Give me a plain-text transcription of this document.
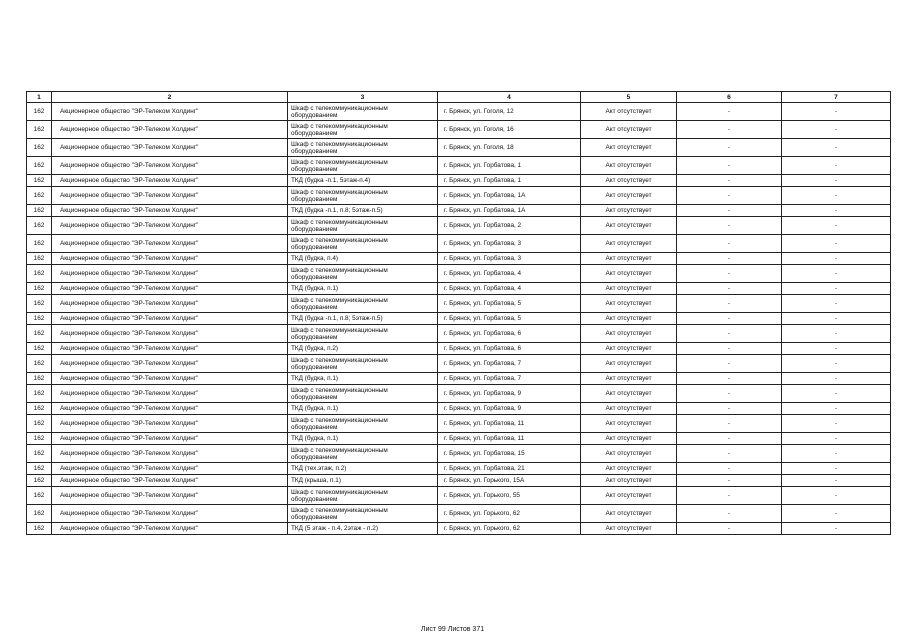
1	2	3	4	5	6	7
162	Акционерное общество "ЭР-Телеком Холдинг"	Шкаф с телекоммуникационным оборудованием	г. Брянск, ул. Гоголя, 12	Акт отсутствует	-	-
162	Акционерное общество "ЭР-Телеком Холдинг"	Шкаф с телекоммуникационным оборудованием	г. Брянск, ул. Гоголя, 16	Акт отсутствует	-	-
162	Акционерное общество "ЭР-Телеком Холдинг"	Шкаф с телекоммуникационным оборудованием	г. Брянск, ул. Гоголя, 18	Акт отсутствует	-	-
162	Акционерное общество "ЭР-Телеком Холдинг"	Шкаф с телекоммуникационным оборудованием	г. Брянск, ул. Горбатова, 1	Акт отсутствует	-	-
162	Акционерное общество "ЭР-Телеком Холдинг"	ТКД (будка -п.1, 5этаж-п.4)	г. Брянск, ул. Горбатова, 1	Акт отсутствует	-	-
162	Акционерное общество "ЭР-Телеком Холдинг"	Шкаф с телекоммуникационным оборудованием	г. Брянск, ул. Горбатова, 1А	Акт отсутствует	-	-
162	Акционерное общество "ЭР-Телеком Холдинг"	ТКД (будка -п.1, п.8; 5этаж-п.5)	г. Брянск, ул. Горбатова, 1А	Акт отсутствует	-	-
162	Акционерное общество "ЭР-Телеком Холдинг"	Шкаф с телекоммуникационным оборудованием	г. Брянск, ул. Горбатова, 2	Акт отсутствует	-	-
162	Акционерное общество "ЭР-Телеком Холдинг"	Шкаф с телекоммуникационным оборудованием	г. Брянск, ул. Горбатова, 3	Акт отсутствует	-	-
162	Акционерное общество "ЭР-Телеком Холдинг"	ТКД (будка, п.4)	г. Брянск, ул. Горбатова, 3	Акт отсутствует	-	-
162	Акционерное общество "ЭР-Телеком Холдинг"	Шкаф с телекоммуникационным оборудованием	г. Брянск, ул. Горбатова, 4	Акт отсутствует	-	-
162	Акционерное общество "ЭР-Телеком Холдинг"	ТКД (будка, п.1)	г. Брянск, ул. Горбатова, 4	Акт отсутствует	-	-
162	Акционерное общество "ЭР-Телеком Холдинг"	Шкаф с телекоммуникационным оборудованием	г. Брянск, ул. Горбатова, 5	Акт отсутствует	-	-
162	Акционерное общество "ЭР-Телеком Холдинг"	ТКД (будка -п.1, п.8; 5этаж-п.5)	г. Брянск, ул. Горбатова, 5	Акт отсутствует	-	-
162	Акционерное общество "ЭР-Телеком Холдинг"	Шкаф с телекоммуникационным оборудованием	г. Брянск, ул. Горбатова, 6	Акт отсутствует	-	-
162	Акционерное общество "ЭР-Телеком Холдинг"	ТКД (будка, п.2)	г. Брянск, ул. Горбатова, 6	Акт отсутствует	-	-
162	Акционерное общество "ЭР-Телеком Холдинг"	Шкаф с телекоммуникационным оборудованием	г. Брянск, ул. Горбатова, 7	Акт отсутствует	-	-
162	Акционерное общество "ЭР-Телеком Холдинг"	ТКД (будка, п.1)	г. Брянск, ул. Горбатова, 7	Акт отсутствует	-	-
162	Акционерное общество "ЭР-Телеком Холдинг"	Шкаф с телекоммуникационным оборудованием	г. Брянск, ул. Горбатова, 9	Акт отсутствует	-	-
162	Акционерное общество "ЭР-Телеком Холдинг"	ТКД (будка, п.1)	г. Брянск, ул. Горбатова, 9	Акт отсутствует	-	-
162	Акционерное общество "ЭР-Телеком Холдинг"	Шкаф с телекоммуникационным оборудованием	г. Брянск, ул. Горбатова, 11	Акт отсутствует	-	-
162	Акционерное общество "ЭР-Телеком Холдинг"	ТКД (будка, п.1)	г. Брянск, ул. Горбатова, 11	Акт отсутствует	-	-
162	Акционерное общество "ЭР-Телеком Холдинг"	Шкаф с телекоммуникационным оборудованием	г. Брянск, ул. Горбатова, 15	Акт отсутствует	-	-
162	Акционерное общество "ЭР-Телеком Холдинг"	ТКД (тех.этаж, п.2)	г. Брянск, ул. Горбатова, 21	Акт отсутствует	-	-
162	Акционерное общество "ЭР-Телеком Холдинг"	ТКД (крыша, п.1)	г. Брянск, ул. Горького, 15А	Акт отсутствует	-	-
162	Акционерное общество "ЭР-Телеком Холдинг"	Шкаф с телекоммуникационным оборудованием	г. Брянск, ул. Горького, 55	Акт отсутствует	-	-
162	Акционерное общество "ЭР-Телеком Холдинг"	Шкаф с телекоммуникационным оборудованием	г. Брянск, ул. Горького, 62	Акт отсутствует	-	-
162	Акционерное общество "ЭР-Телеком Холдинг"	ТКД (5 этаж - п.4, 2этаж - п.2)	г. Брянск, ул. Горького, 62	Акт отсутствует	-	-
Лист 99 Листов 371
